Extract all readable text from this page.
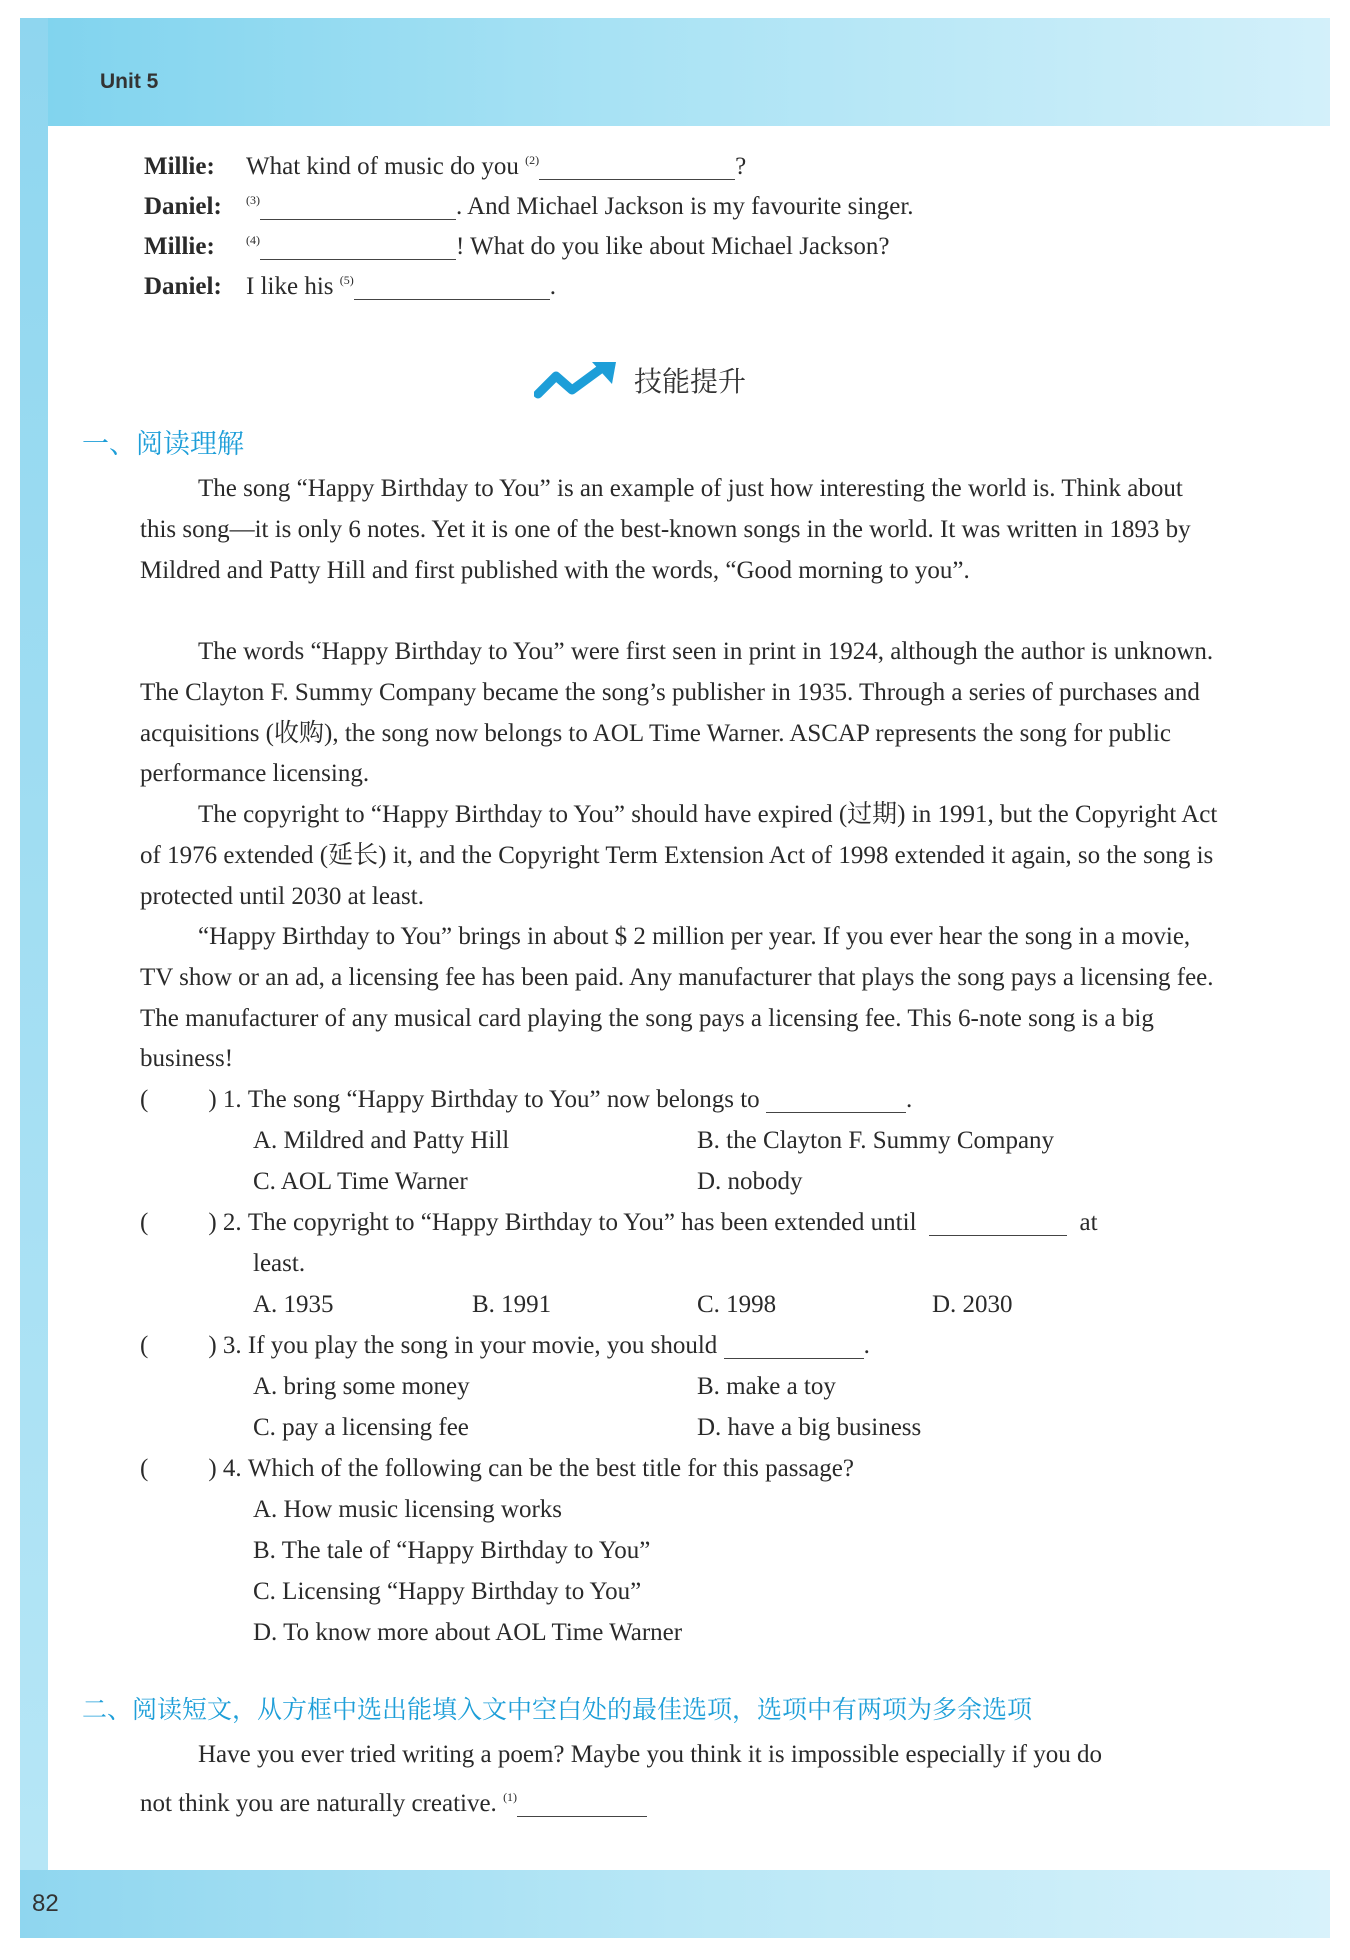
Unit 5
82
Millie: What kind of music do you $^{(2)}$	?
Daniel: $^{(3)}$	. And Michael Jackson is my favourite singer.
Millie:	$^{(4)}$	! What do you like about Michael Jackson?
Daniel: I like his $^{(5)}$	.
技能提升
一、阅读理解
The song “Happy Birthday to You” is an example of just how interesting the world is. Think about this song—it is only 6 notes. Yet it is one of the best-known songs in the world. It was written in 1893 by Mildred and Patty Hill and first published with the words, “Good morning to you”.
The words “Happy Birthday to You” were first seen in print in 1924, although the author is unknown. The Clayton F. Summy Company became the song’s publisher in 1935. Through a series of purchases and acquisitions (收购), the song now belongs to AOL Time Warner. ASCAP represents the song for public performance licensing.
The copyright to “Happy Birthday to You” should have expired (过期) in 1991, but the Copyright Act of 1976 extended (延长) it, and the Copyright Term Extension Act of 1998 extended it again, so the song is protected until 2030 at least.
“Happy Birthday to You” brings in about $ 2 million per year. If you ever hear the song in a movie, TV show or an ad, a licensing fee has been paid. Any manufacturer that plays the song pays a licensing fee. The manufacturer of any musical card playing the song pays a licensing fee. This 6-note song is a big business!
( ) 1. The song “Happy Birthday to You” now belongs to	.
A. Mildred and Patty Hill	B. the Clayton F. Summy Company
C. AOL Time Warner	D. nobody
( ) 2. The copyright to “Happy Birthday to You” has been extended until	at
least.
A. 1935	B. 1991	C. 1998	D. 2030
( ) 3. If you play the song in your movie, you should	.
A. bring some money	B. make a toy
C. pay a licensing fee	D. have a big business
( ) 4. Which of the following can be the best title for this passage?
A. How music licensing works
B. The tale of “Happy Birthday to You”
C. Licensing “Happy Birthday to You”
D. To know more about AOL Time Warner
二、阅读短文，从方框中选出能填入文中空白处的最佳选项，选项中有两项为多余选项
Have you ever tried writing a poem? Maybe you think it is impossible especially if you do
not think you are naturally creative. $^{(1)}$
